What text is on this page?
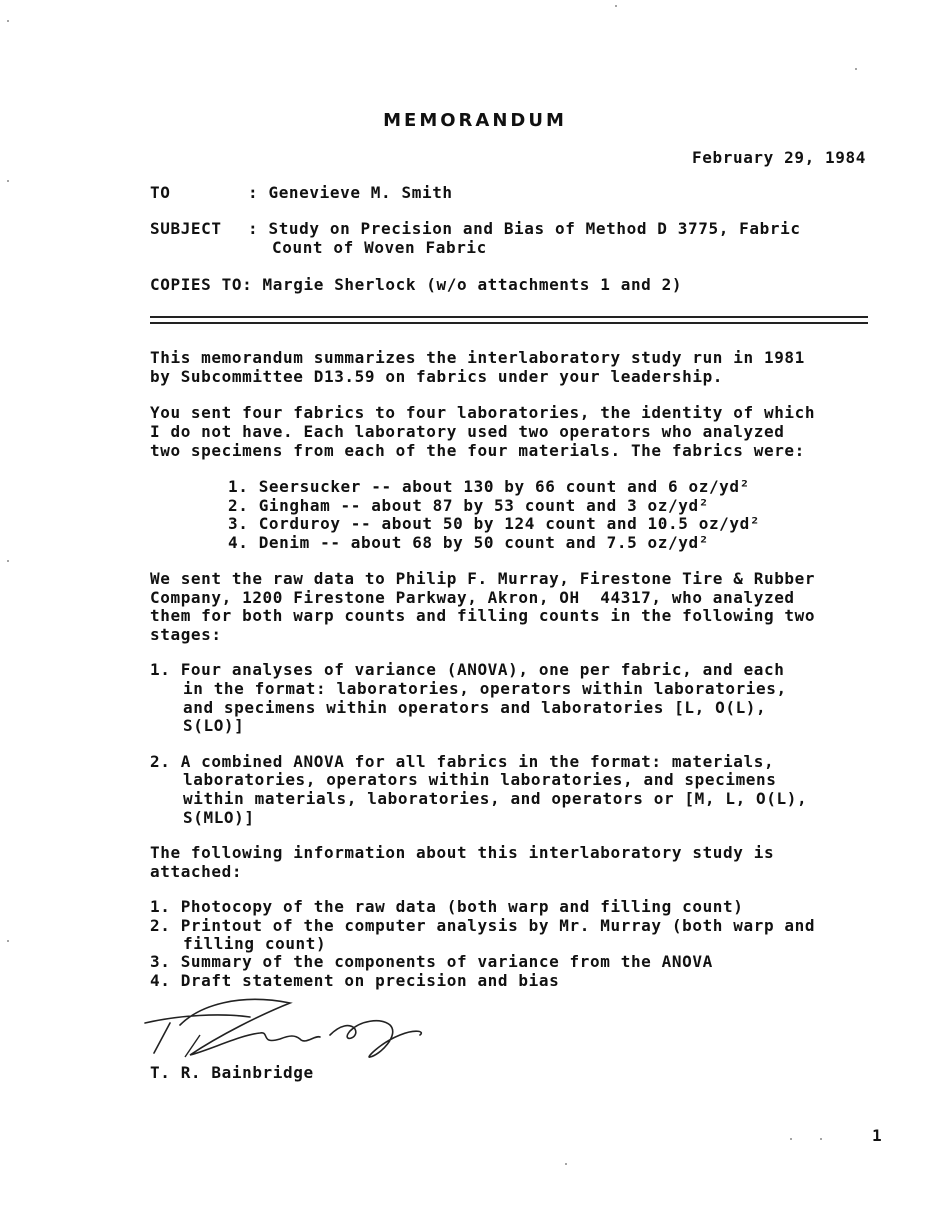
MEMORANDUM
February 29, 1984
TO	: Genevieve M. Smith
SUBJECT : Study on Precision and Bias of Method D 3775, Fabric
Count of Woven Fabric
COPIES TO: Margie Sherlock (w/o attachments 1 and 2)
This memorandum summarizes the interlaboratory study run in 1981
by Subcommittee D13.59 on fabrics under your leadership.
You sent four fabrics to four laboratories, the identity of which
I do not have. Each laboratory used two operators who analyzed
two specimens from each of the four materials. The fabrics were:
1. Seersucker -- about 130 by 66 count and 6 oz/yd²
2. Gingham -- about 87 by 53 count and 3 oz/yd²
3. Corduroy -- about 50 by 124 count and 10.5 oz/yd²
4. Denim -- about 68 by 50 count and 7.5 oz/yd²
We sent the raw data to Philip F. Murray, Firestone Tire & Rubber
Company, 1200 Firestone Parkway, Akron, OH  44317, who analyzed
them for both warp counts and filling counts in the following two
stages:
1. Four analyses of variance (ANOVA), one per fabric, and each
in the format: laboratories, operators within laboratories,
and specimens within operators and laboratories [L, O(L),
S(LO)]
2. A combined ANOVA for all fabrics in the format: materials,
laboratories, operators within laboratories, and specimens
within materials, laboratories, and operators or [M, L, O(L),
S(MLO)]
The following information about this interlaboratory study is
attached:
1. Photocopy of the raw data (both warp and filling count)
2. Printout of the computer analysis by Mr. Murray (both warp and
filling count)
3. Summary of the components of variance from the ANOVA
4. Draft statement on precision and bias
T. R. Bainbridge
1
